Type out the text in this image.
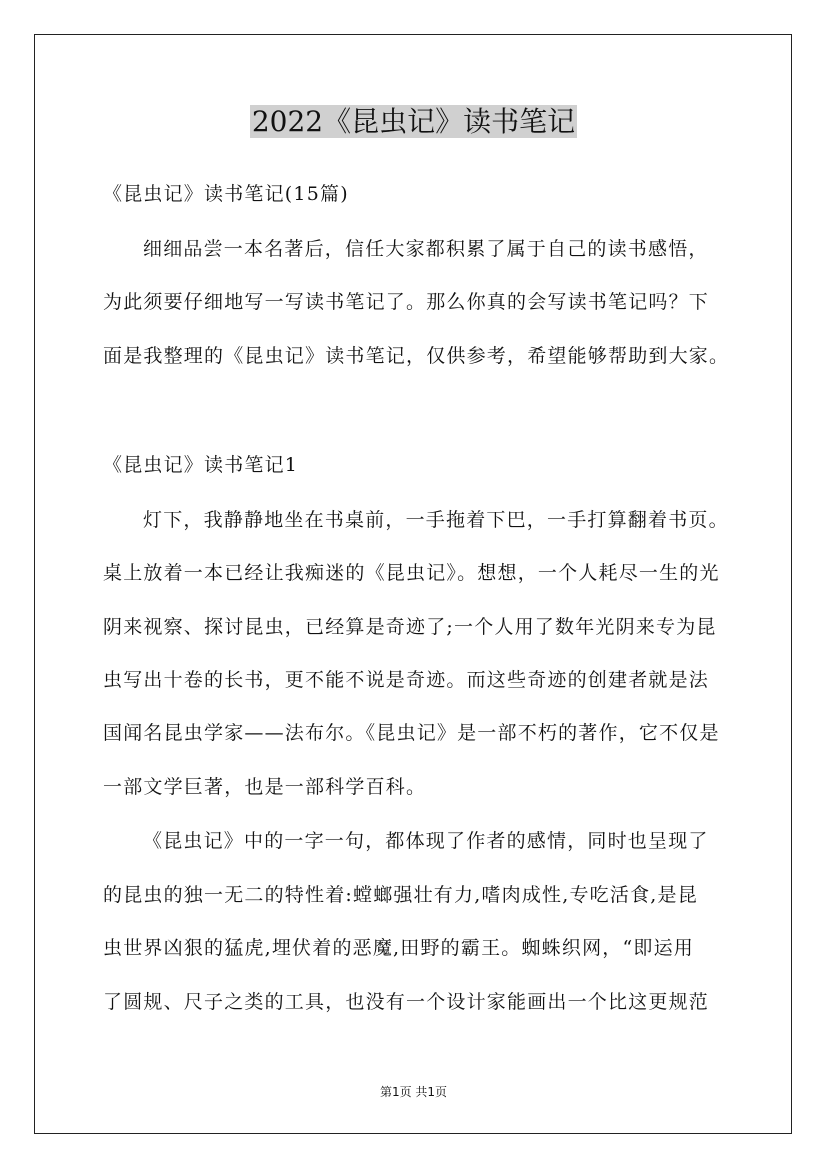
2022《昆虫记》读书笔记
《昆虫记》读书笔记(15篇)
细细品尝一本名著后，信任大家都积累了属于自己的读书感悟，
为此须要仔细地写一写读书笔记了。那么你真的会写读书笔记吗？下
面是我整理的《昆虫记》读书笔记，仅供参考，希望能够帮助到大家。
《昆虫记》读书笔记1
灯下，我静静地坐在书桌前，一手拖着下巴，一手打算翻着书页。
桌上放着一本已经让我痴迷的《昆虫记》。想想，一个人耗尽一生的光
阴来视察、探讨昆虫，已经算是奇迹了;一个人用了数年光阴来专为昆
虫写出十卷的长书，更不能不说是奇迹。而这些奇迹的创建者就是法
国闻名昆虫学家——法布尔。《昆虫记》是一部不朽的著作，它不仅是
一部文学巨著，也是一部科学百科。
《昆虫记》中的一字一句，都体现了作者的感情，同时也呈现了
的昆虫的独一无二的特性着:螳螂强壮有力,嗜肉成性,专吃活食,是昆
虫世界凶狠的猛虎,埋伏着的恶魔,田野的霸王。蜘蛛织网，“即运用
了圆规、尺子之类的工具，也没有一个设计家能画出一个比这更规范
第1页 共1页
